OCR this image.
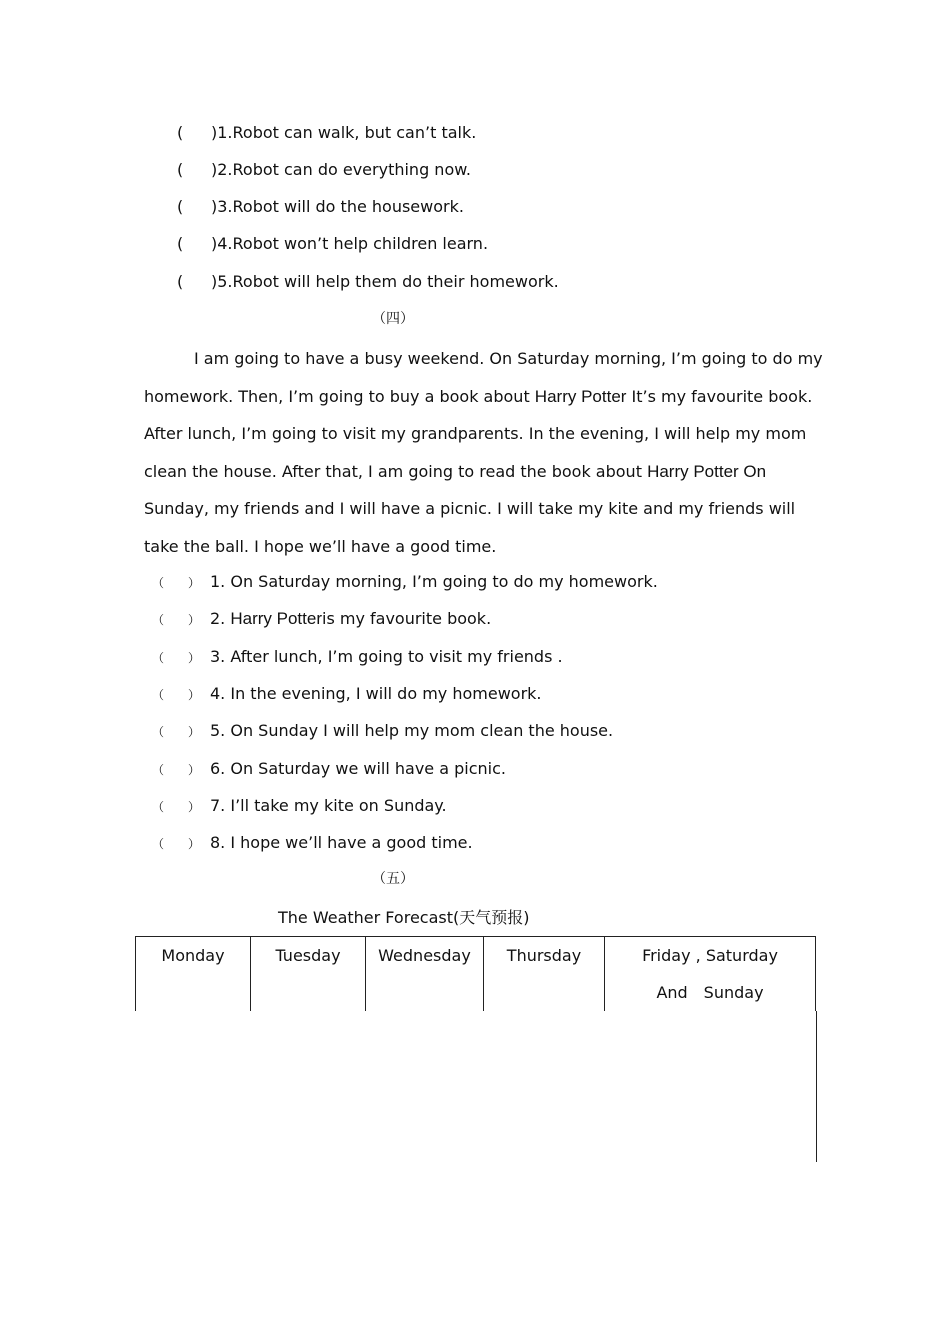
( )1.Robot can walk, but can’t talk.
( )2.Robot can do everything now.
( )3.Robot will do the housework.
( )4.Robot won’t help children learn.
( )5.Robot will help them do their homework.
（四）

I am going to have a busy weekend. On Saturday morning, I’m going to do my homework. Then, I’m going to buy a book about Harry Potter It’s my favourite book. After lunch, I’m going to visit my grandparents. In the evening, I will help my mom clean the house. After that, I am going to read the book about Harry Potter On Sunday, my friends and I will have a picnic. I will take my kite and my friends will take the ball. I hope we’ll have a good time.

（　　） 1. On Saturday morning, I’m going to do my homework.
（　　） 2. Harry Potteris my favourite book.
（　　） 3. After lunch, I’m going to visit my friends .
（　　） 4. In the evening, I will do my homework.
（　　） 5. On Sunday I will help my mom clean the house.
（　　） 6. On Saturday we will have a picnic.
（　　） 7. I’ll take my kite on Sunday.
（　　） 8. I hope we’ll have a good time.
（五）
The Weather Forecast(天气预报)
Monday	Tuesday	Wednesday	Thursday	Friday , Saturday
And　Sunday
